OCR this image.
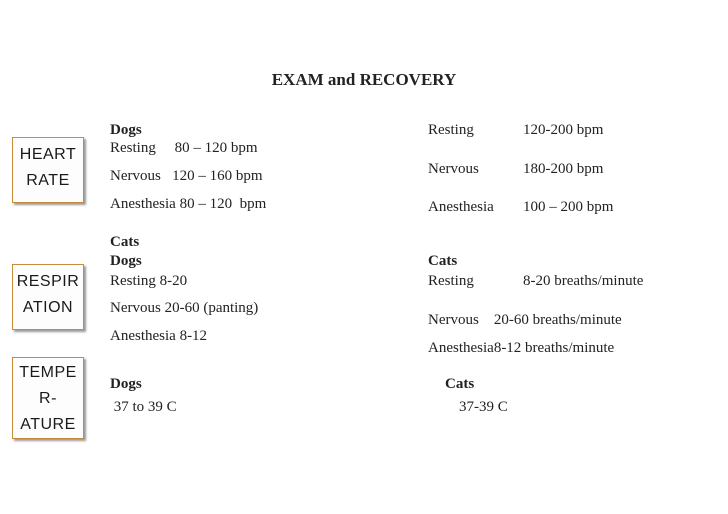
EXAM and RECOVERY
HEART
RATE
RESPIR
ATION
TEMPE
R-
ATURE
Dogs
Resting     80 – 120 bpm
Nervous   120 – 160 bpm
Anesthesia 80 – 120  bpm
Cats
Resting	120-200 bpm
Nervous	180-200 bpm
Anesthesia 100 – 200 bpm
Dogs
Resting 8-20
Nervous 20-60 (panting)
Anesthesia 8-12
Cats
Resting	8-20 breaths/minute
Nervous    20-60 breaths/minute
Anesthesia8-12 breaths/minute
Dogs
37 to 39 C
Cats
37-39 C
